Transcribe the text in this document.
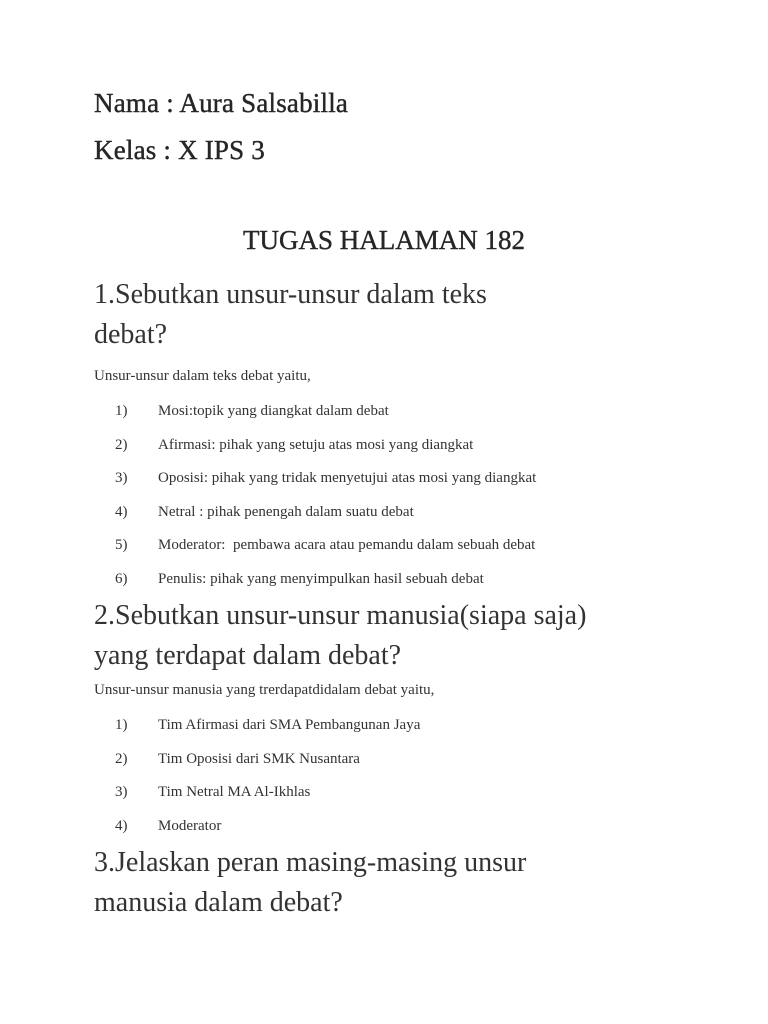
Nama : Aura Salsabilla

Kelas : X IPS 3

TUGAS HALAMAN 182

1.Sebutkan unsur-unsur dalam teks
debat?

Unsur-unsur dalam teks debat yaitu,

1) Mosi:topik yang diangkat dalam debat
2) Afirmasi: pihak yang setuju atas mosi yang diangkat
3) Oposisi: pihak yang tridak menyetujui atas mosi yang diangkat
4) Netral : pihak penengah dalam suatu debat
5) Moderator:  pembawa acara atau pemandu dalam sebuah debat
6) Penulis: pihak yang menyimpulkan hasil sebuah debat

2.Sebutkan unsur-unsur manusia(siapa saja)
yang terdapat dalam debat?

Unsur-unsur manusia yang trerdapatdidalam debat yaitu,

1) Tim Afirmasi dari SMA Pembangunan Jaya
2) Tim Oposisi dari SMK Nusantara
3) Tim Netral MA Al-Ikhlas
4) Moderator

3.Jelaskan peran masing-masing unsur
manusia dalam debat?
